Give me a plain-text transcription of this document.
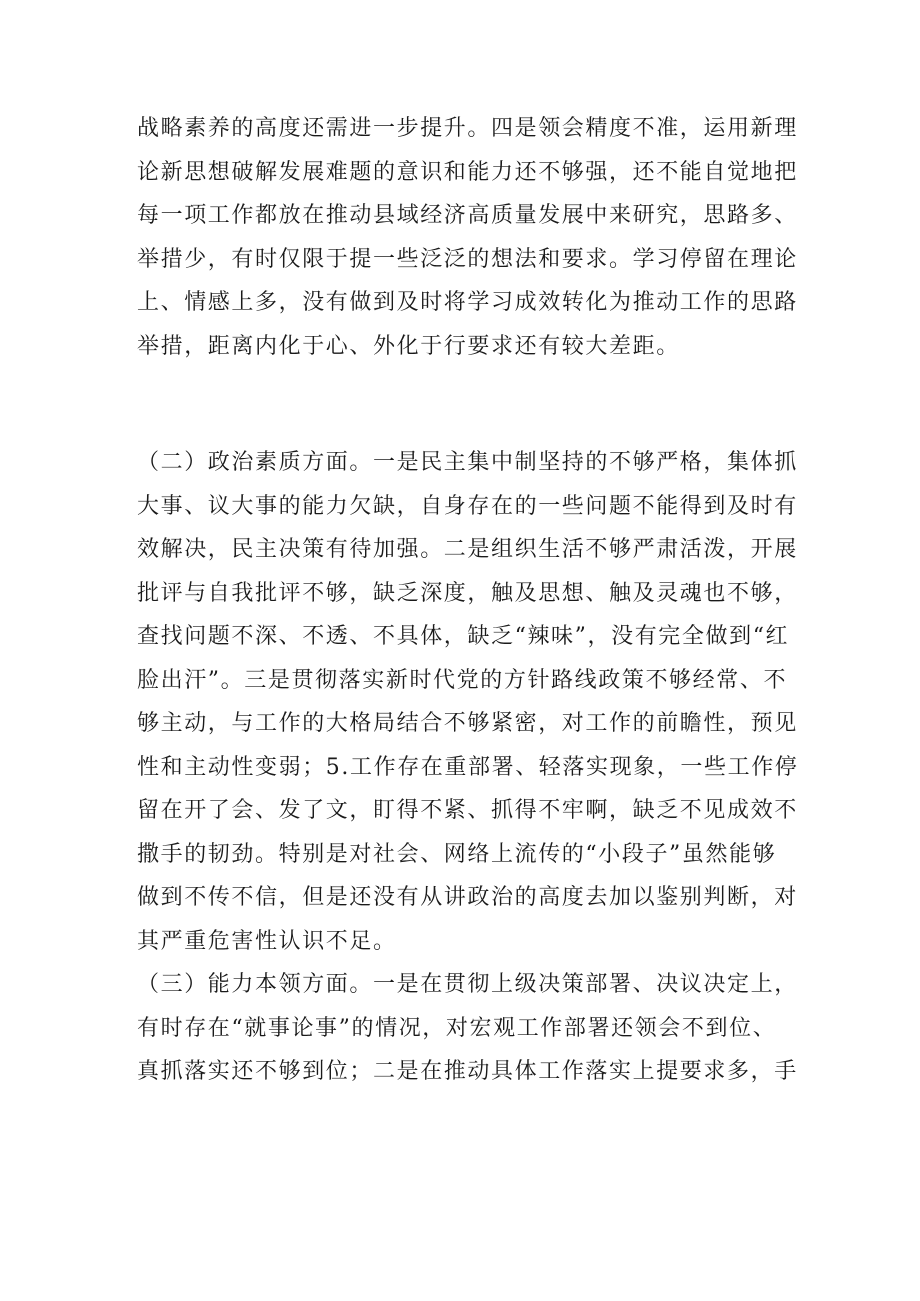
战略素养的高度还需进一步提升。四是领会精度不准，运用新理
论新思想破解发展难题的意识和能力还不够强，还不能自觉地把
每一项工作都放在推动县域经济高质量发展中来研究，思路多、
举措少，有时仅限于提一些泛泛的想法和要求。学习停留在理论
上、情感上多，没有做到及时将学习成效转化为推动工作的思路
举措，距离内化于心、外化于行要求还有较大差距。

（二）政治素质方面。一是民主集中制坚持的不够严格，集体抓
大事、议大事的能力欠缺，自身存在的一些问题不能得到及时有
效解决，民主决策有待加强。二是组织生活不够严肃活泼，开展
批评与自我批评不够，缺乏深度，触及思想、触及灵魂也不够，
查找问题不深、不透、不具体，缺乏“辣味”，没有完全做到“红
脸出汗”。三是贯彻落实新时代党的方针路线政策不够经常、不
够主动，与工作的大格局结合不够紧密，对工作的前瞻性，预见
性和主动性变弱；5.工作存在重部署、轻落实现象，一些工作停
留在开了会、发了文，盯得不紧、抓得不牢啊，缺乏不见成效不
撒手的韧劲。特别是对社会、网络上流传的“小段子”虽然能够
做到不传不信，但是还没有从讲政治的高度去加以鉴别判断，对
其严重危害性认识不足。

（三）能力本领方面。一是在贯彻上级决策部署、决议决定上，
有时存在“就事论事”的情况，对宏观工作部署还领会不到位、
真抓落实还不够到位；二是在推动具体工作落实上提要求多，手
